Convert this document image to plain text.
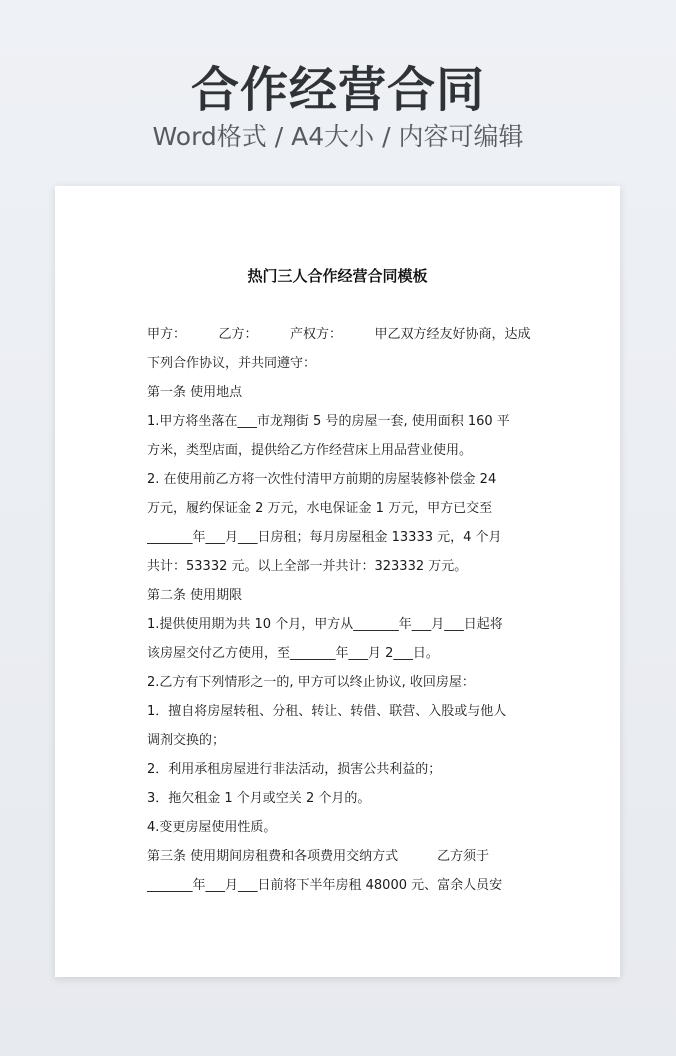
合作经营合同
Word格式 / A4大小 / 内容可编辑
热门三人合作经营合同模板
甲方：　　　乙方：　　　产权方：　　　甲乙双方经友好协商，达成
下列合作协议，并共同遵守：
第一条 使用地点
1.甲方将坐落在___市龙翔街 5 号的房屋一套, 使用面积 160 平
方米，类型店面，提供给乙方作经营床上用品营业使用。
2. 在使用前乙方将一次性付清甲方前期的房屋装修补偿金 24
万元，履约保证金 2 万元，水电保证金 1 万元，甲方已交至
_______年___月___日房租；每月房屋租金 13333 元，4 个月
共计：53332 元。以上全部一并共计：323332 万元。
第二条 使用期限
1.提供使用期为共 10 个月，甲方从_______年___月___日起将
该房屋交付乙方使用，至_______年___月 2___日。
2.乙方有下列情形之一的, 甲方可以终止协议, 收回房屋：
1．擅自将房屋转租、分租、转让、转借、联营、入股或与他人
调剂交换的；
2．利用承租房屋进行非法活动，损害公共利益的；
3．拖欠租金 1 个月或空关 2 个月的。
4.变更房屋使用性质。
第三条 使用期间房租费和各项费用交纳方式　　　乙方须于
_______年___月___日前将下半年房租 48000 元、富余人员安
